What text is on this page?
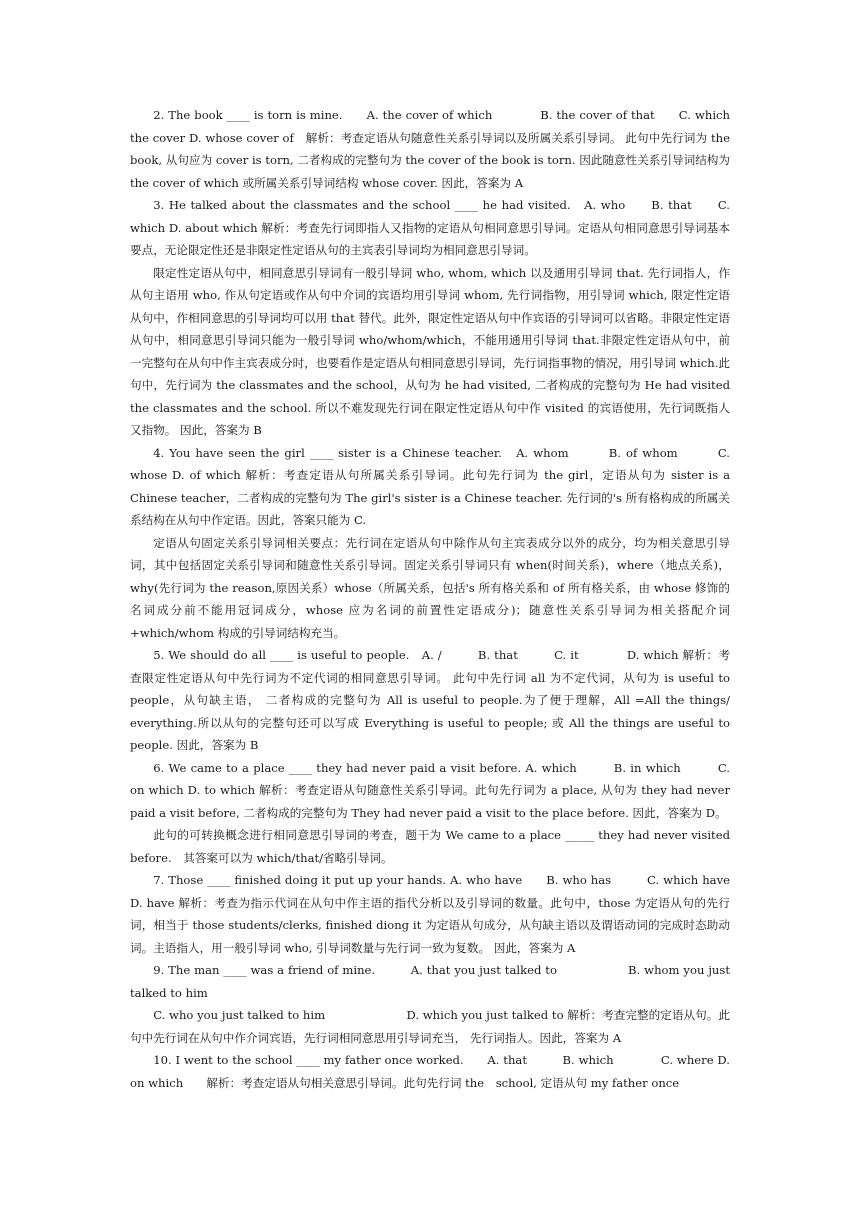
2. The book ____ is torn is mine.　　A. the cover of which　　　　B. the cover of that　　C. which the cover D. whose cover of　解析：考查定语从句随意性关系引导词以及所属关系引导词。 此句中先行词为 the book, 从句应为 cover is torn, 二者构成的完整句为 the cover of the book is torn. 因此随意性关系引导词结构为 the cover of which 或所属关系引导词结构 whose cover. 因此，答案为 A

3. He talked about the classmates and the school ____ he had visited.　A. who　　B. that　　C. which D. about which 解析：考查先行词即指人又指物的定语从句相同意思引导词。定语从句相同意思引导词基本要点，无论限定性还是非限定性定语从句的主宾表引导词均为相同意思引导词。

限定性定语从句中，相同意思引导词有一般引导词 who, whom, which 以及通用引导词 that. 先行词指人，作从句主语用 who, 作从句定语或作从句中介词的宾语均用引导词 whom, 先行词指物，用引导词 which, 限定性定语从句中，作相同意思的引导词均可以用 that 替代。此外，限定性定语从句中作宾语的引导词可以省略。非限定性定语从句中，相同意思引导词只能为一般引导词 who/whom/which，不能用通用引导词 that.非限定性定语从句中，前一完整句在从句中作主宾表成分时，也要看作是定语从句相同意思引导词，先行词指事物的情况，用引导词 which.此句中，先行词为 the classmates and the school，从句为 he had visited, 二者构成的完整句为 He had visited the classmates and the school. 所以不难发现先行词在限定性定语从句中作 visited 的宾语使用，先行词既指人又指物。 因此，答案为 B

4. You have seen the girl ____ sister is a Chinese teacher.　A. whom　　　B. of whom　　　C. whose D. of which 解析：考查定语从句所属关系引导词。此句先行词为 the girl，定语从句为 sister is a Chinese teacher，二者构成的完整句为 The girl's sister is a Chinese teacher. 先行词的's 所有格构成的所属关系结构在从句中作定语。因此，答案只能为 C.

定语从句固定关系引导词相关要点：先行词在定语从句中除作从句主宾表成分以外的成分，均为相关意思引导词，其中包括固定关系引导词和随意性关系引导词。固定关系引导词只有 when(时间关系)，where（地点关系)，why(先行词为 the reason,原因关系）whose（所属关系，包括's 所有格关系和 of 所有格关系，由 whose 修饰的名词成分前不能用冠词成分，whose 应为名词的前置性定语成分)；随意性关系引导词为相关搭配介词+which/whom 构成的引导词结构充当。

5. We should do all ____ is useful to people.　A. /　　　B. that　　　C. it　　　　D. which 解析：考查限定性定语从句中先行词为不定代词的相同意思引导词。 此句中先行词 all 为不定代词，从句为 is useful to people，从句缺主语， 二者构成的完整句为 All is useful to people.为了便于理解，All =All the things/ everything.所以从句的完整句还可以写成 Everything is useful to people; 或 All the things are useful to people. 因此，答案为 B

6. We came to a place ____ they had never paid a visit before. A. which　　　B. in which　　　C. on which D. to which 解析：考查定语从句随意性关系引导词。此句先行词为 a place, 从句为 they had never paid a visit before, 二者构成的完整句为 They had never paid a visit to the place before. 因此，答案为 D。

此句的可转换概念进行相同意思引导词的考查，题干为 We came to a place _____ they had never visited before.　其答案可以为 which/that/省略引导词。

7. Those ____ finished doing it put up your hands. A. who have　　B. who has　　　C. which have　　　　D. have 解析：考查为指示代词在从句中作主语的指代分析以及引导词的数量。此句中，those 为定语从句的先行词，相当于 those students/clerks, finished diong it 为定语从句成分，从句缺主语以及谓语动词的完成时态助动词。主语指人，用一般引导词 who, 引导词数量与先行词一致为复数。 因此，答案为 A

9. The man ____ was a friend of mine.　　　A. that you just talked to　　　　　　B. whom you just talked to him

C. who you just talked to him　　　　　　　D. which you just talked to 解析：考查完整的定语从句。此句中先行词在从句中作介词宾语，先行词相同意思用引导词充当， 先行词指人。因此，答案为 A

10. I went to the school ____ my father once worked.　　A. that　　　B. which　　　　C. where D. on which　　解析：考查定语从句相关意思引导词。此句先行词 the　school, 定语从句 my father once
